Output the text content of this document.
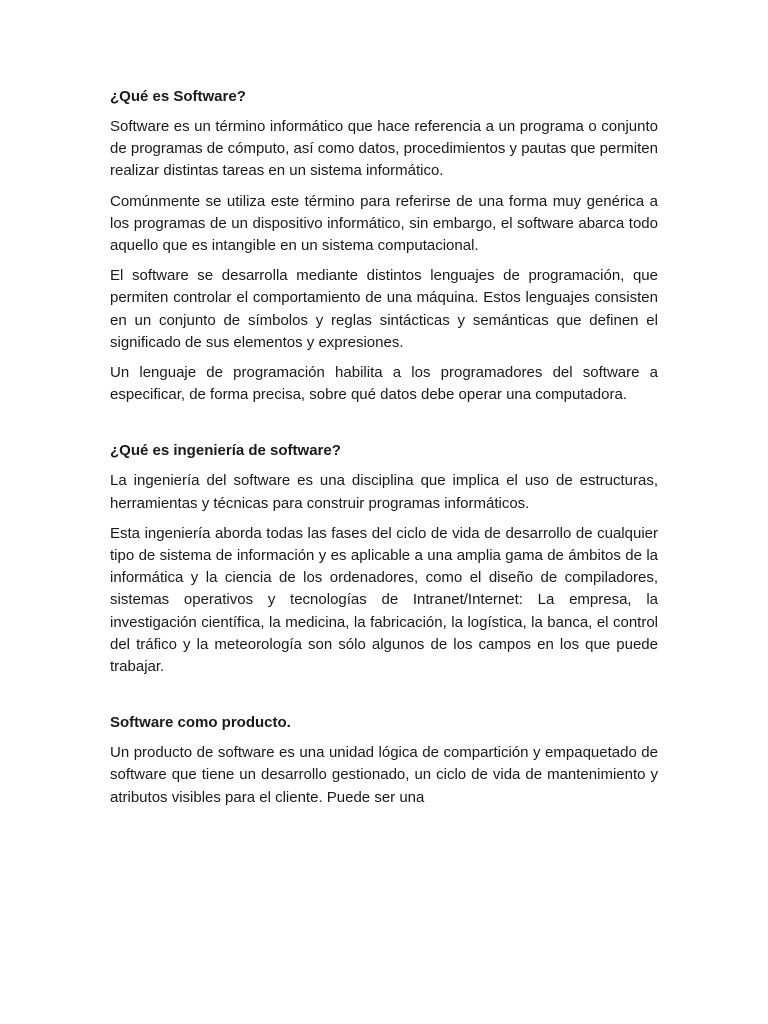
¿Qué es Software?

Software es un término informático que hace referencia a un programa o conjunto de programas de cómputo, así como datos, procedimientos y pautas que permiten realizar distintas tareas en un sistema informático.

Comúnmente se utiliza este término para referirse de una forma muy genérica a los programas de un dispositivo informático, sin embargo, el software abarca todo aquello que es intangible en un sistema computacional.

El software se desarrolla mediante distintos lenguajes de programación, que permiten controlar el comportamiento de una máquina. Estos lenguajes consisten en un conjunto de símbolos y reglas sintácticas y semánticas que definen el significado de sus elementos y expresiones.

Un lenguaje de programación habilita a los programadores del software a especificar, de forma precisa, sobre qué datos debe operar una computadora.

¿Qué es ingeniería de software?

La ingeniería del software es una disciplina que implica el uso de estructuras, herramientas y técnicas para construir programas informáticos.

Esta ingeniería aborda todas las fases del ciclo de vida de desarrollo de cualquier tipo de sistema de información y es aplicable a una amplia gama de ámbitos de la informática y la ciencia de los ordenadores, como el diseño de compiladores, sistemas operativos y tecnologías de Intranet/Internet: La empresa, la investigación científica, la medicina, la fabricación, la logística, la banca, el control del tráfico y la meteorología son sólo algunos de los campos en los que puede trabajar.

Software como producto.

Un producto de software es una unidad lógica de compartición y empaquetado de software que tiene un desarrollo gestionado, un ciclo de vida de mantenimiento y atributos visibles para el cliente. Puede ser una
